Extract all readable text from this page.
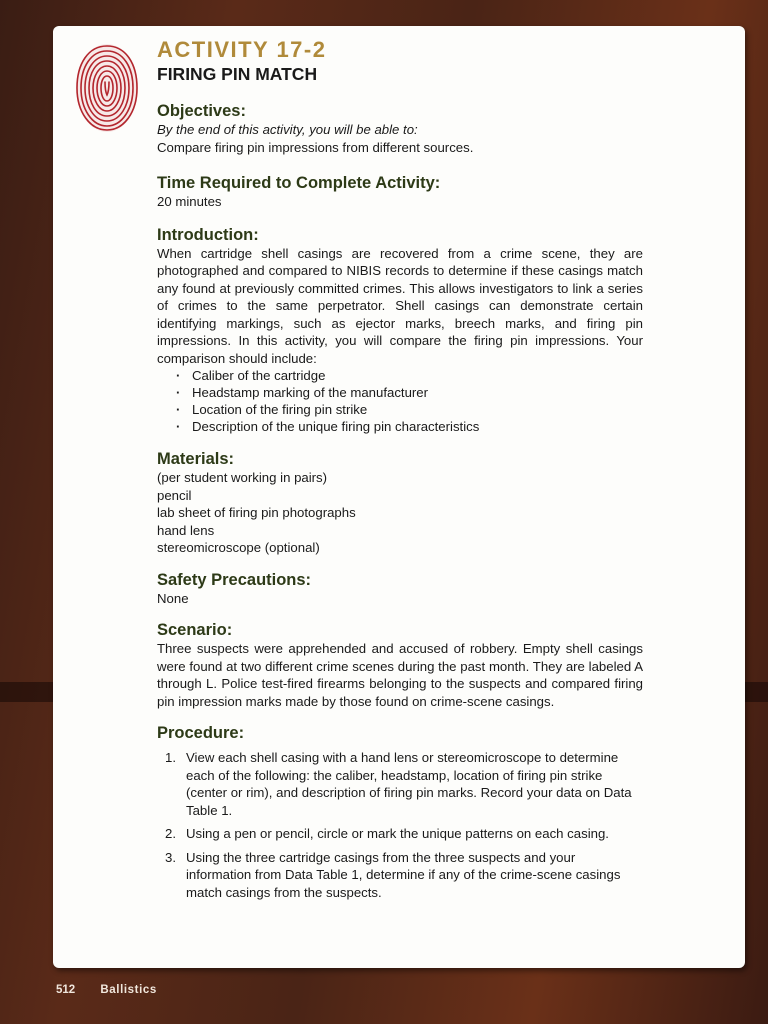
ACTIVITY 17-2
FIRING PIN MATCH
Objectives:

By the end of this activity, you will be able to:

Compare firing pin impressions from different sources.

Time Required to Complete Activity:

20 minutes

Introduction:

When cartridge shell casings are recovered from a crime scene, they are photographed and compared to NIBIS records to determine if these casings match any found at previously committed crimes. This allows investigators to link a series of crimes to the same perpetrator. Shell casings can demonstrate certain identifying markings, such as ejector marks, breech marks, and firing pin impressions. In this activity, you will compare the firing pin impressions. Your comparison should include:

· Caliber of the cartridge
· Headstamp marking of the manufacturer
· Location of the firing pin strike
· Description of the unique firing pin characteristics
Materials:

(per student working in pairs)

pencil

lab sheet of firing pin photographs

hand lens

stereomicroscope (optional)

Safety Precautions:

None

Scenario:

Three suspects were apprehended and accused of robbery. Empty shell casings were found at two different crime scenes during the past month. They are labeled A through L. Police test-fired firearms belonging to the suspects and compared firing pin impression marks made by those found on crime-scene casings.

Procedure:
1. View each shell casing with a hand lens or stereomicroscope to determine each of the following: the caliber, headstamp, location of firing pin strike (center or rim), and description of firing pin marks. Record your data on Data Table 1.
2. Using a pen or pencil, circle or mark the unique patterns on each casing.
3. Using the three cartridge casings from the three suspects and your information from Data Table 1, determine if any of the crime-scene casings match casings from the suspects.
512 Ballistics
